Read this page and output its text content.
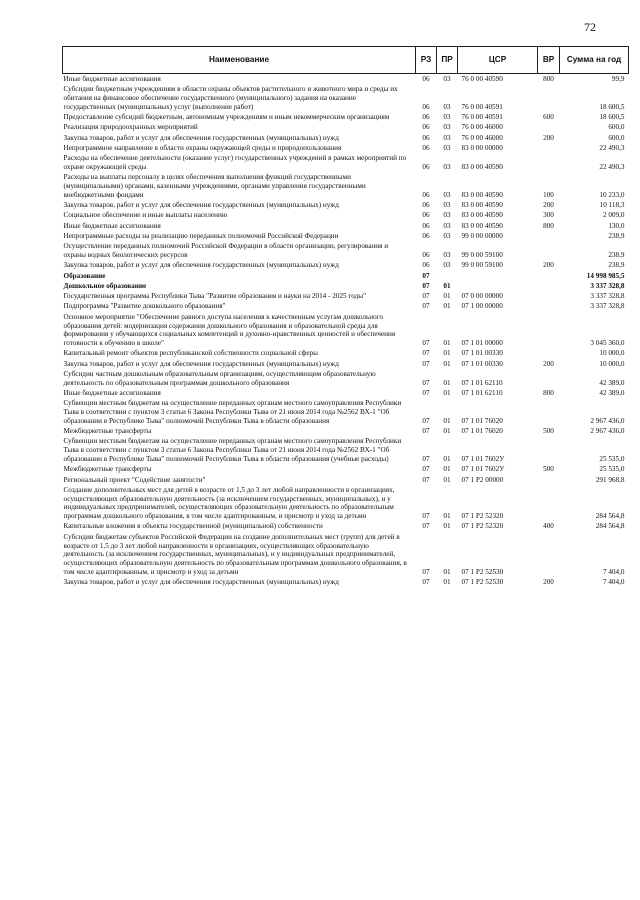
72
Наименование	РЗ	ПР	ЦСР	ВР	Сумма на год
Иные бюджетные ассигнования	06	03	76 0 00 40590	800	99,9
Субсидии бюджетным учреждениям в области охраны объектов растительного и животного мира и среды их обитания на финансовое обеспечение государственного (муниципального) задания на оказание государственных (муниципальных) услуг (выполнение работ)	06	03	76 0 00 40591		18 600,5
Предоставление субсидий бюджетным, автономным учреждениям и иным некоммерческим организациям	06	03	76 0 00 40591	600	18 600,5
Реализация природоохранных мероприятий	06	03	76 0 00 46000		600,0
Закупка товаров, работ и услуг для обеспечения государственных (муниципальных) нужд	06	03	76 0 00 46000	200	600,0
Непрограммное направление в области охраны окружающей среды и природопользования	06	03	83 0 00 00000		22 490,3
Расходы на обеспечение деятельности (оказание услуг) государственных учреждений в рамках мероприятий по охране окружающей среды	06	03	83 0 00 40590		22 490,3
Расходы на выплаты персоналу в целях обеспечения выполнения функций государственными (муниципальными) органами, казенными учреждениями, органами управления государственными внебюджетными фондами	06	03	83 0 00 40590	100	10 233,0
Закупка товаров, работ и услуг для обеспечения государственных (муниципальных) нужд	06	03	83 0 00 40590	200	10 118,3
Социальное обеспечение и иные выплаты населению	06	03	83 0 00 40590	300	2 009,0
Иные бюджетные ассигнования	06	03	83 0 00 40590	800	130,0
Непрограммные расходы на реализацию переданных полномочий Российской Федерации	06	03	99 0 00 00000		238,9
Осуществление переданных полномочий Российской Федерации в области организации, регулирования и охраны водных биологических ресурсов	06	03	99 0 00 59100		238,9
Закупка товаров, работ и услуг для обеспечения государственных (муниципальных) нужд	06	03	99 0 00 59100	200	238,9
Образование	07				14 998 985,5
Дошкольное образование	07	01			3 337 328,8
Государственная программа Республики Тыва "Развитие образования и науки на 2014 - 2025 годы"	07	01	07 0 00 00000		3 337 328,8
Подпрограмма "Развитие дошкольного образования"	07	01	07 1 00 00000		3 337 328,8
Основное мероприятие "Обеспечение равного доступа населения к качественным услугам дошкольного образования детей: модернизация содержания дошкольного образования и образовательной среды для формирования у обучающихся социальных компетенций и духовно-нравственных ценностей и обеспечения готовности к обучению в школе"	07	01	07 1 01 00000		3 045 360,0
Капитальный ремонт объектов республиканской собственности социальной сферы	07	01	07 1 01 00330		10 000,0
Закупка товаров, работ и услуг для обеспечения государственных (муниципальных) нужд	07	01	07 1 01 00330	200	10 000,0
Субсидии частным дошкольным образовательным организациям, осуществляющим образовательную деятельность по образовательным программам дошкольного образования	07	01	07 1 01 62110		42 389,0
Иные бюджетные ассигнования	07	01	07 1 01 62110	800	42 389,0
Субвенции местным бюджетам на осуществление переданных органам местного самоуправления Республики Тыва в соответствии с пунктом 3 статьи 6 Закона Республики Тыва от 21 июня 2014 года №2562 ВХ-1 "Об образовании в Республике Тыва" полномочий Республики Тыва в области образования	07	01	07 1 01 76020		2 967 436,0
Межбюджетные трансферты	07	01	07 1 01 76020	500	2 967 436,0
Субвенции местным бюджетам на осуществление переданных органам местного самоуправления Республики Тыва в соответствии с пунктом 3 статьи 6 Закона Республики Тыва от 21 июня 2014 года №2562 ВХ-1 "Об образовании в Республике Тыва" полномочий Республики Тыва в области образования (учебные расходы)	07	01	07 1 01 7602У		25 535,0
Межбюджетные трансферты	07	01	07 1 01 7602У	500	25 535,0
Региональный проект "Содействие занятости"	07	01	07 1 P2 00000		291 968,8
Создание дополнительных мест для детей в возрасте от 1,5 до 3 лет любой направленности в организациях, осуществляющих образовательную деятельность (за исключением государственных, муниципальных), и у индивидуальных предпринимателей, осуществляющих образовательную деятельность по образовательным программам дошкольного образования, в том числе адаптированным, и присмотр и уход за детьми	07	01	07 1 P2 52320		284 564,8
Капитальные вложения в объекты государственной (муниципальной) собственности	07	01	07 1 P2 52320	400	284 564,8
Субсидии бюджетам субъектов Российской Федерации на создание дополнительных мест (групп) для детей в возрасте от 1,5 до 3 лет любой направленности в организациях, осуществляющих образовательную деятельность (за исключением государственных, муниципальных), и у индивидуальных предпринимателей, осуществляющих образовательную деятельность по образовательным программам дошкольного образования, в том числе адаптированным, и присмотр и уход за детьми	07	01	07 1 P2 52530		7 404,0
Закупка товаров, работ и услуг для обеспечения государственных (муниципальных) нужд	07	01	07 1 P2 52530	200	7 404,0
